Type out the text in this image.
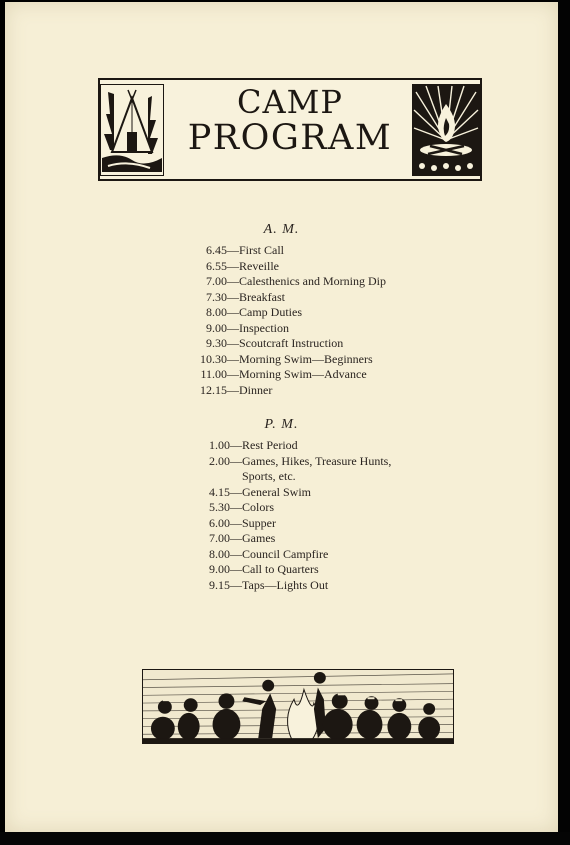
CAMP
PROGRAM
A. M.
6.45—First Call
6.55—Reveille
7.00—Calesthenics and Morning Dip
7.30—Breakfast
8.00—Camp Duties
9.00—Inspection
9.30—Scoutcraft Instruction
10.30—Morning Swim—Beginners
11.00—Morning Swim—Advance
12.15—Dinner
P. M.
1.00—Rest Period
2.00—Games, Hikes, Treasure Hunts,
Sports, etc.
4.15—General Swim
5.30—Colors
6.00—Supper
7.00—Games
8.00—Council Campfire
9.00—Call to Quarters
9.15—Taps—Lights Out
